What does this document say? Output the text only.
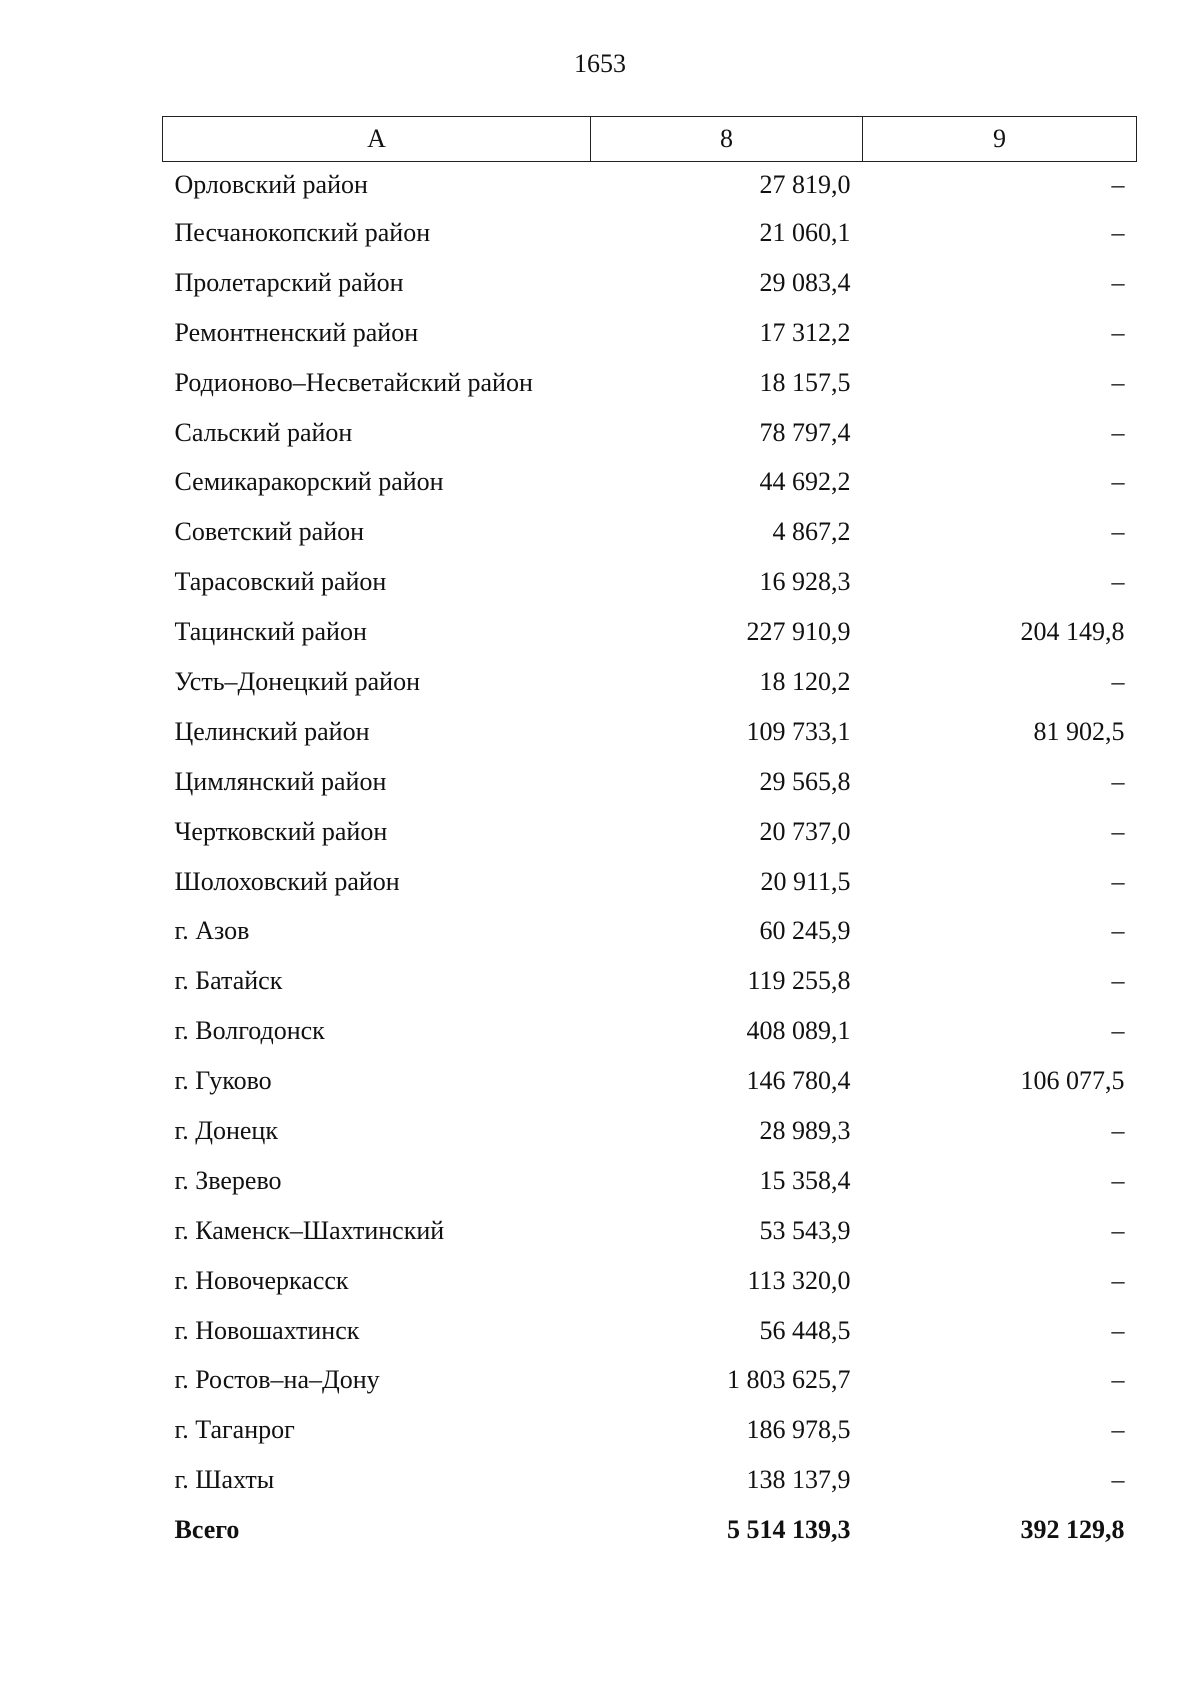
1653
А	8	9
Орловский район	27 819,0	–
Песчанокопский район	21 060,1	–
Пролетарский район	29 083,4	–
Ремонтненский район	17 312,2	–
Родионово–Несветайский район	18 157,5	–
Сальский район	78 797,4	–
Семикаракорский район	44 692,2	–
Советский район	4 867,2	–
Тарасовский район	16 928,3	–
Тацинский район	227 910,9	204 149,8
Усть–Донецкий район	18 120,2	–
Целинский район	109 733,1	81 902,5
Цимлянский район	29 565,8	–
Чертковский район	20 737,0	–
Шолоховский район	20 911,5	–
г. Азов	60 245,9	–
г. Батайск	119 255,8	–
г. Волгодонск	408 089,1	–
г. Гуково	146 780,4	106 077,5
г. Донецк	28 989,3	–
г. Зверево	15 358,4	–
г. Каменск–Шахтинский	53 543,9	–
г. Новочеркасск	113 320,0	–
г. Новошахтинск	56 448,5	–
г. Ростов–на–Дону	1 803 625,7	–
г. Таганрог	186 978,5	–
г. Шахты	138 137,9	–
Всего	5 514 139,3	392 129,8
